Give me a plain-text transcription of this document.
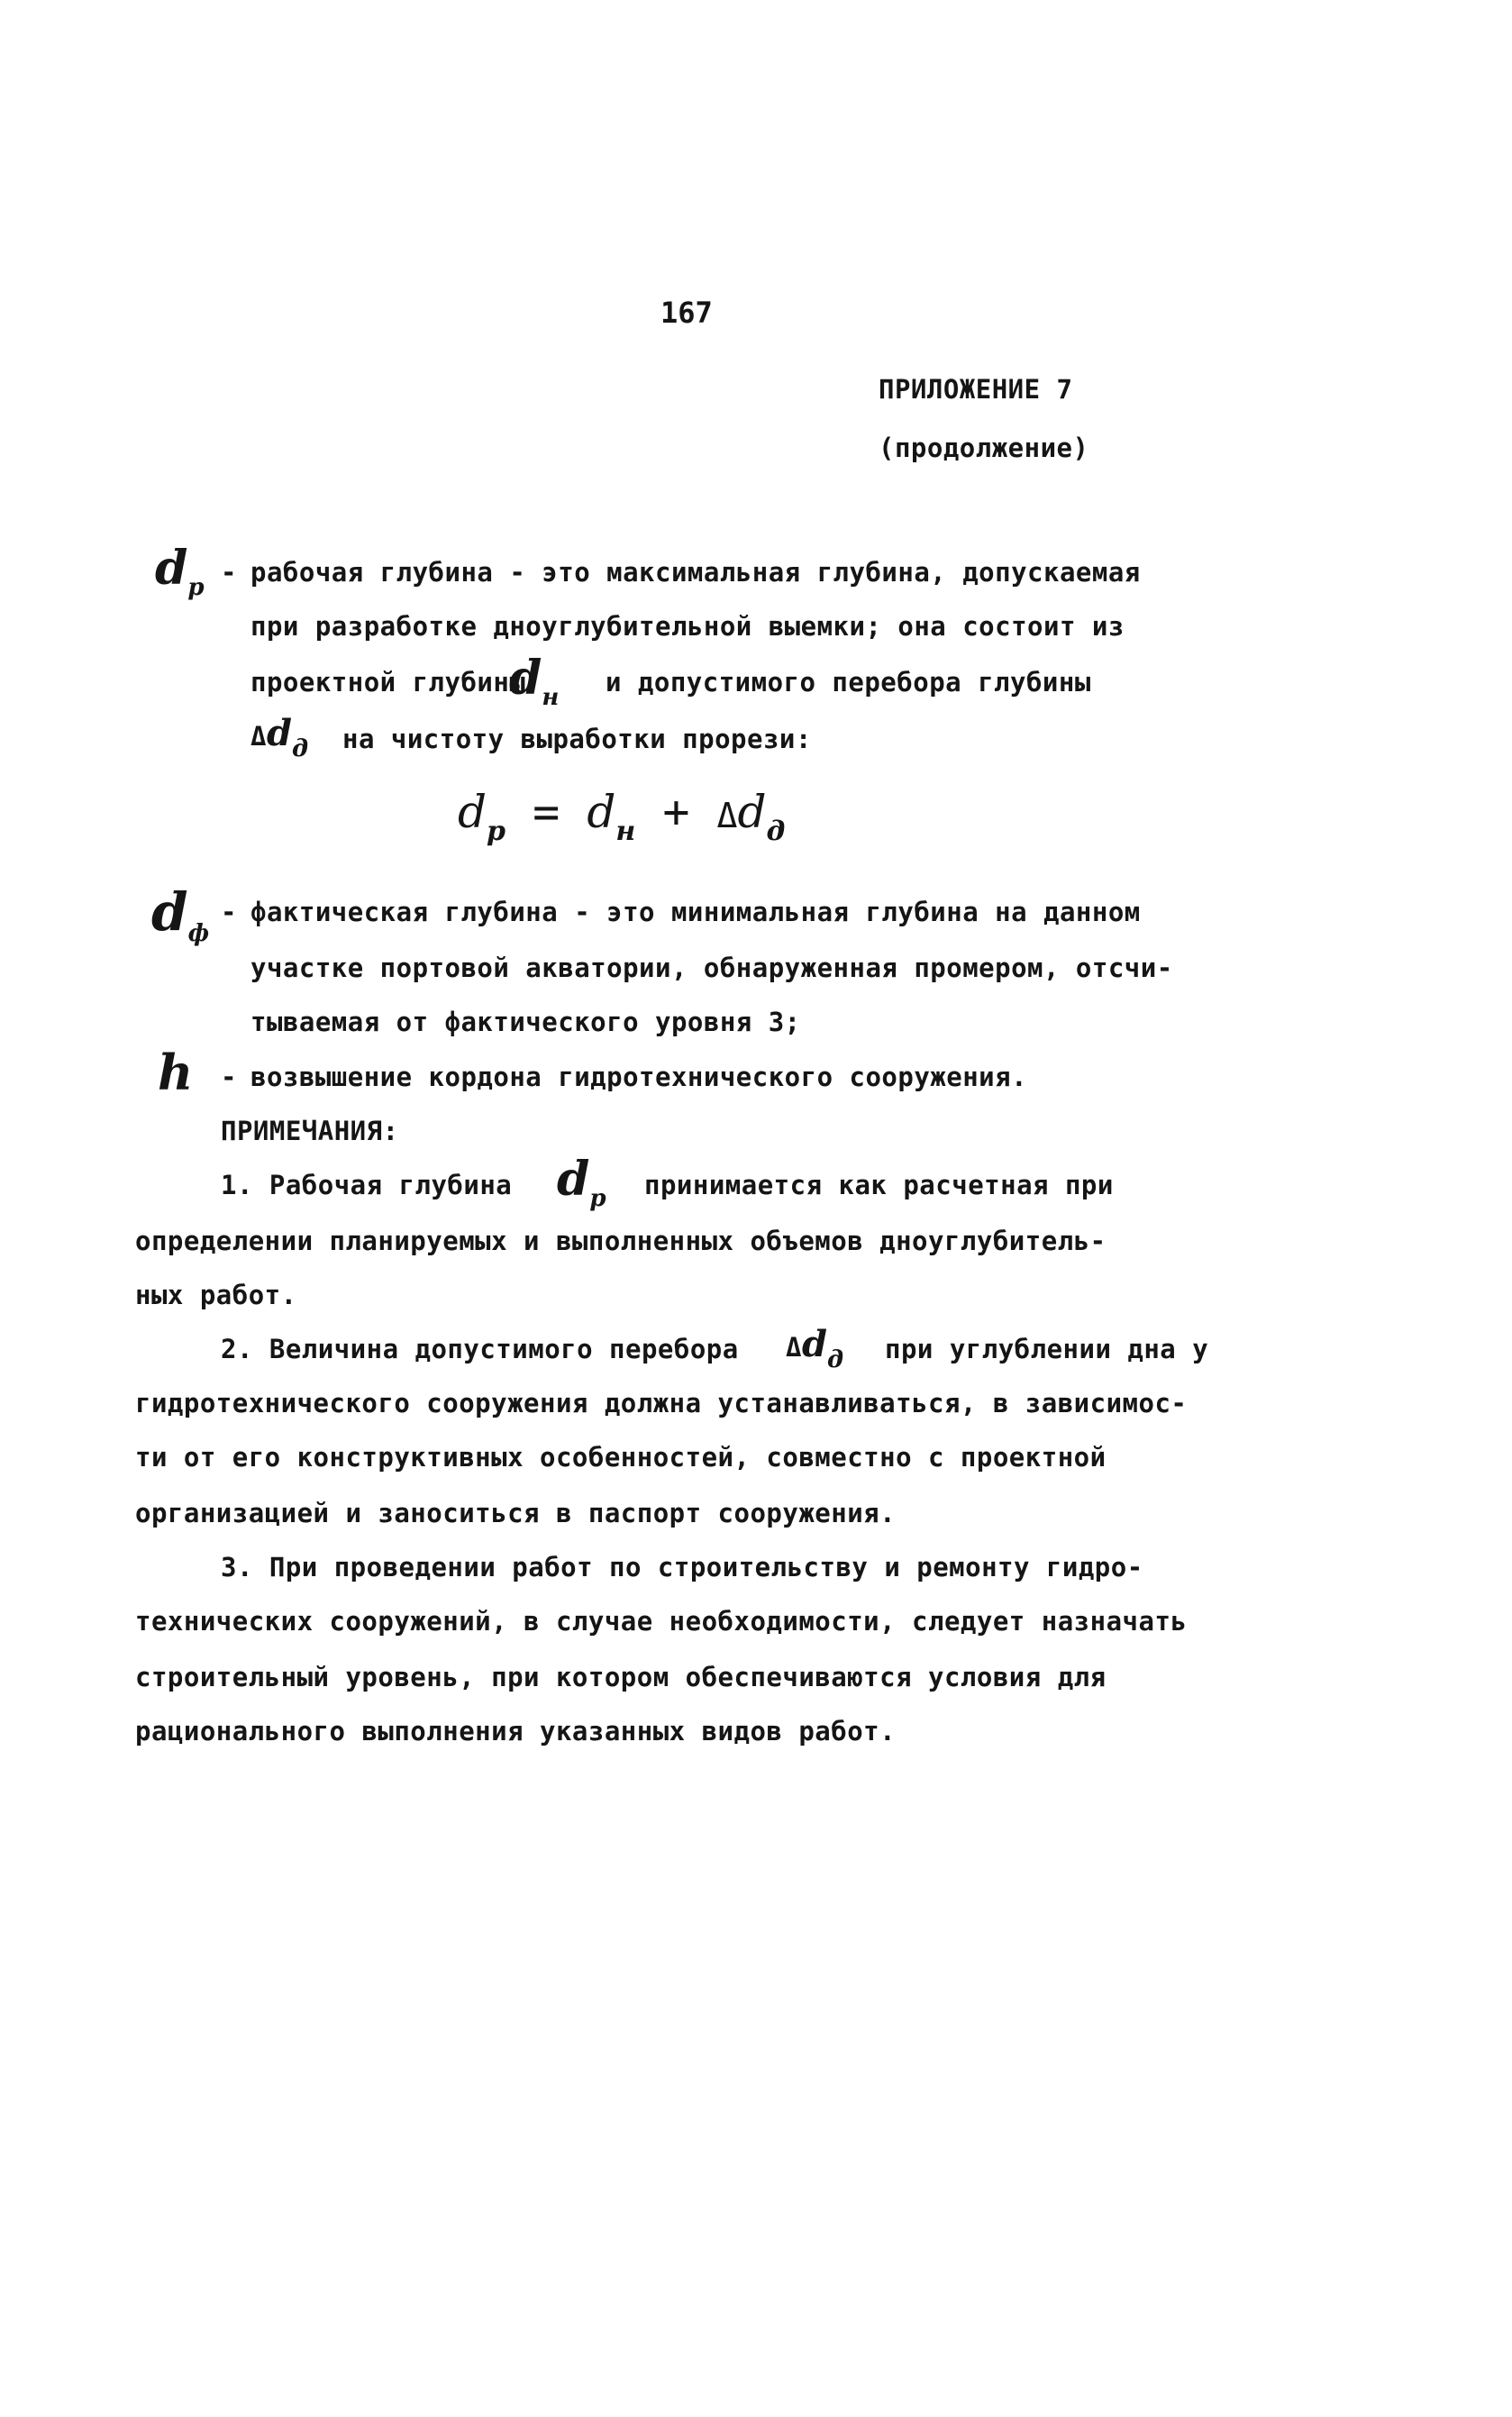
167
ПРИЛОЖЕНИЕ 7
(продолжение)
dр - рабочая глубина - это максимальная глубина, допускаемая
при разработке дноуглубительной выемки; она состоит из
проектной глубины
dн и допустимого перебора глубины
Δdд на чистоту выработки прорези:
$d_р = d_н + \Delta d_д$
dф
- фактическая глубина - это минимальная глубина на данном
участке портовой акватории, обнаруженная промером, отсчи-
тываемая от фактического уровня 3;
h - возвышение кордона гидротехнического сооружения.
ПРИМЕЧАНИЯ:
1. Рабочая глубина dр принимается как расчетная при
определении планируемых и выполненных объемов дноуглубитель-
ных работ.
2. Величина допустимого перебора Δdд при углублении дна у
гидротехнического сооружения должна устанавливаться, в зависимос-
ти от его конструктивных особенностей, совместно с проектной
организацией и заноситься в паспорт сооружения.
3. При проведении работ по строительству и ремонту гидро-
технических сооружений, в случае необходимости, следует назначать
строительный уровень, при котором обеспечиваются условия для
рационального выполнения указанных видов работ.
